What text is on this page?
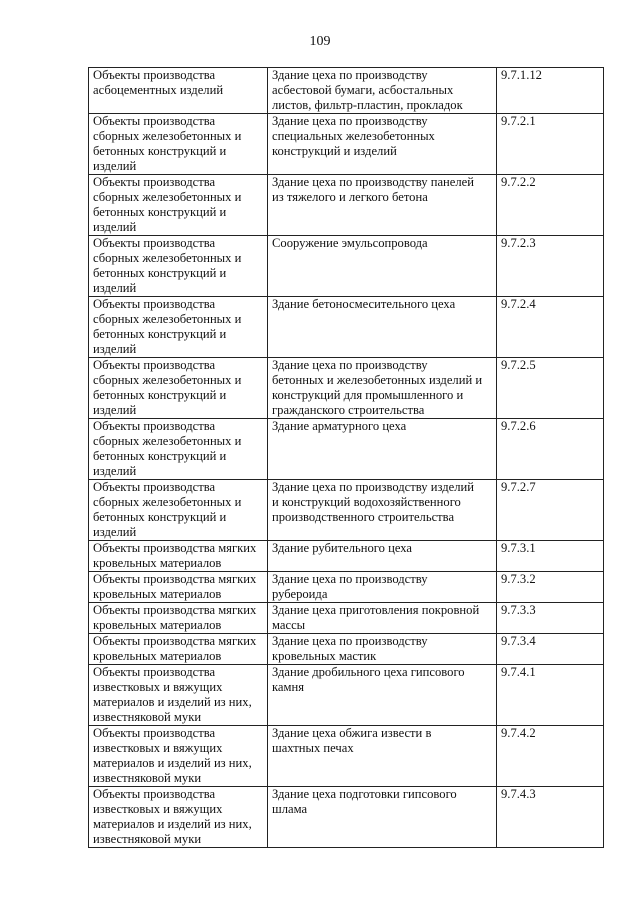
109
Объекты производства
асбоцементных изделий	Здание цеха по производству
асбестовой бумаги, асбостальных
листов, фильтр-пластин, прокладок	9.7.1.12

Объекты производства
сборных железобетонных и
бетонных конструкций и
изделий	Здание цеха по производству
специальных железобетонных
конструкций и изделий	9.7.2.1

Объекты производства
сборных железобетонных и
бетонных конструкций и
изделий	Здание цеха по производству панелей
из тяжелого и легкого бетона	9.7.2.2

Объекты производства
сборных железобетонных и
бетонных конструкций и
изделий	Сооружение эмульсопровода	9.7.2.3

Объекты производства
сборных железобетонных и
бетонных конструкций и
изделий	Здание бетоносмесительного цеха	9.7.2.4

Объекты производства
сборных железобетонных и
бетонных конструкций и
изделий	Здание цеха по производству
бетонных и железобетонных изделий и
конструкций для промышленного и
гражданского строительства	9.7.2.5

Объекты производства
сборных железобетонных и
бетонных конструкций и
изделий	Здание арматурного цеха	9.7.2.6

Объекты производства
сборных железобетонных и
бетонных конструкций и
изделий	Здание цеха по производству изделий
и конструкций водохозяйственного
производственного строительства	9.7.2.7

Объекты производства мягких
кровельных материалов	Здание рубительного цеха	9.7.3.1

Объекты производства мягких
кровельных материалов	Здание цеха по производству
рубероида	9.7.3.2

Объекты производства мягких
кровельных материалов	Здание цеха приготовления покровной
массы	9.7.3.3

Объекты производства мягких
кровельных материалов	Здание цеха по производству
кровельных мастик	9.7.3.4

Объекты производства
известковых и вяжущих
материалов и изделий из них,
известняковой муки	Здание дробильного цеха гипсового
камня	9.7.4.1

Объекты производства
известковых и вяжущих
материалов и изделий из них,
известняковой муки	Здание цеха обжига извести в
шахтных печах	9.7.4.2

Объекты производства
известковых и вяжущих
материалов и изделий из них,
известняковой муки	Здание цеха подготовки гипсового
шлама	9.7.4.3
